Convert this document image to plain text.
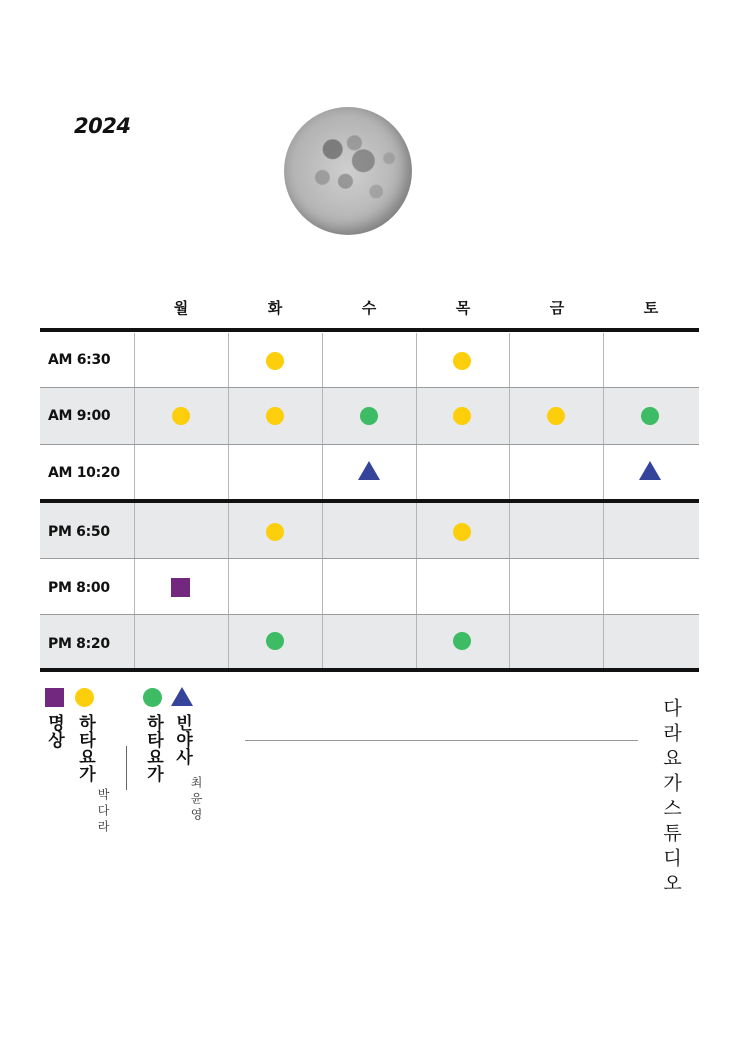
2024
월	화	수	목	금	토
AM 6:30
AM 9:00
AM 10:20
PM 6:50
PM 8:00
PM 8:20
명상 하타요가
박다라
하타요가 빈야사
최윤영	다라요가스튜디오
